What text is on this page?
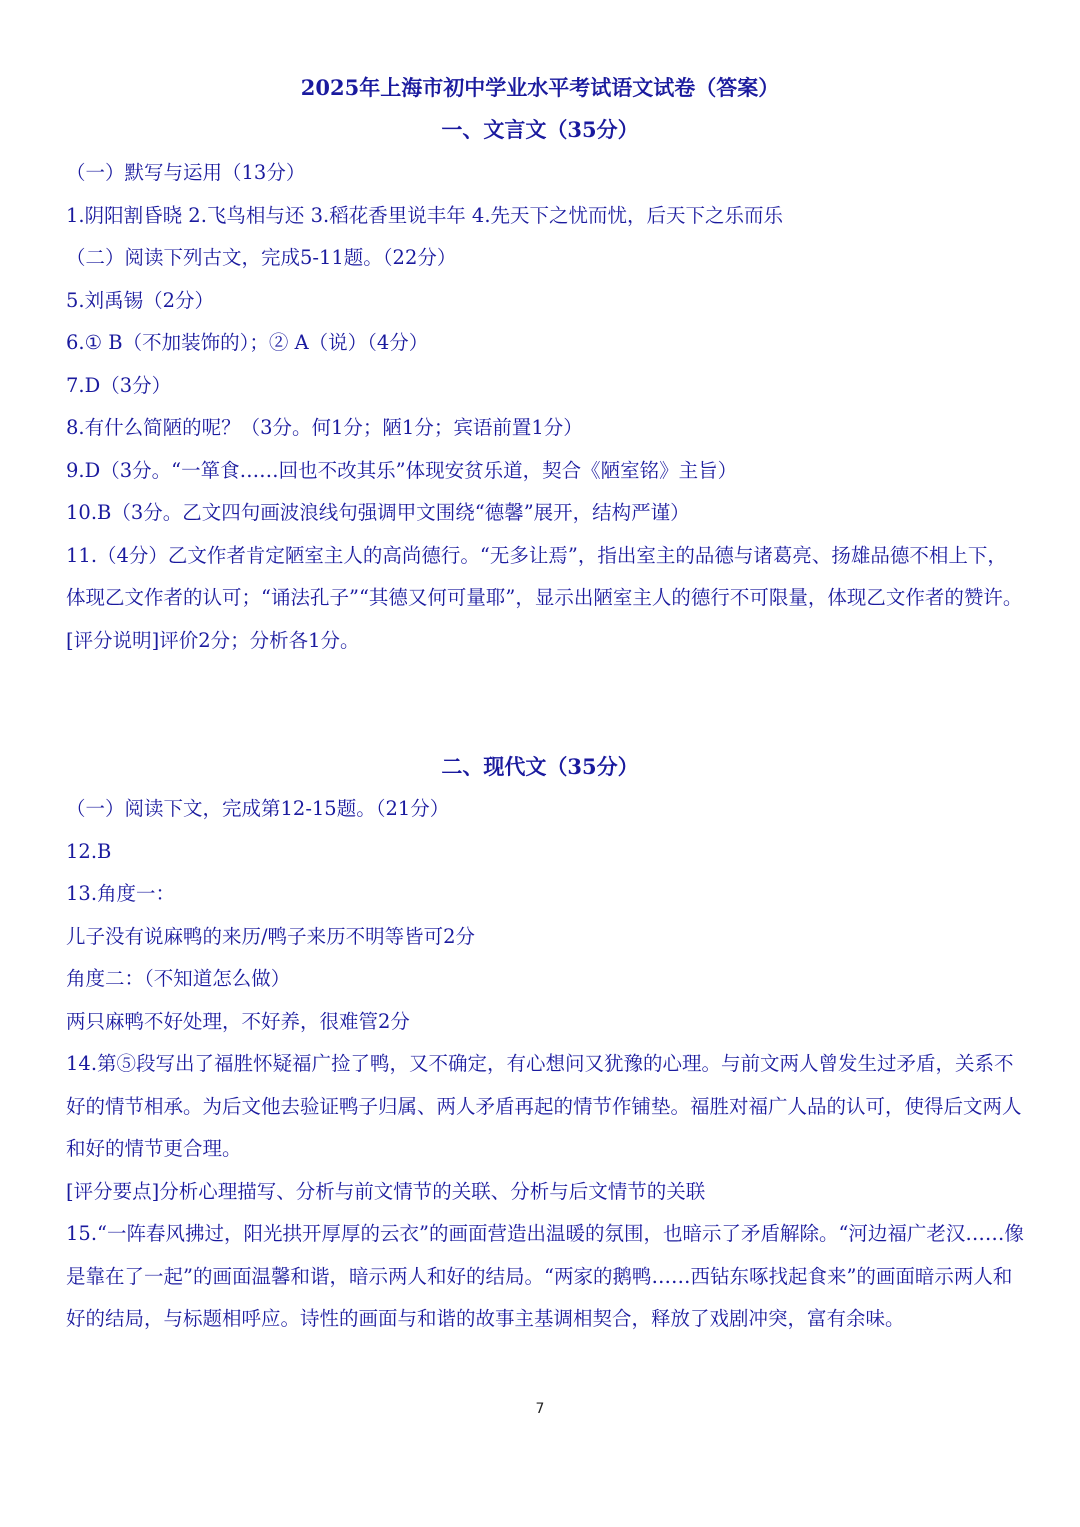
2025年上海市初中学业水平考试语文试卷（答案）
一、文言文（35分）

（一）默写与运用（13分）

1.阴阳割昏晓 2.飞鸟相与还 3.稻花香里说丰年 4.先天下之忧而忧，后天下之乐而乐

（二）阅读下列古文，完成5-11题。（22分）

5.刘禹锡（2分）

6.① B（不加装饰的）；② A（说）（4分）

7.D（3分）

8.有什么简陋的呢？（3分。何1分；陋1分；宾语前置1分）

9.D（3分。“一箪食……回也不改其乐”体现安贫乐道，契合《陋室铭》主旨）

10.B（3分。乙文四句画波浪线句强调甲文围绕“德馨”展开，结构严谨）

11.（4分）乙文作者肯定陋室主人的高尚德行。“无多让焉”，指出室主的品德与诸葛亮、扬雄品德不相上下，体现乙文作者的认可；“诵法孔子”“其德又何可量耶”，显示出陋室主人的德行不可限量，体现乙文作者的赞许。

[评分说明]评价2分；分析各1分。

二、现代文（35分）

（一）阅读下文，完成第12-15题。（21分）

12.B

13.角度一：

儿子没有说麻鸭的来历/鸭子来历不明等皆可2分

角度二：（不知道怎么做）

两只麻鸭不好处理，不好养，很难管2分

14.第⑤段写出了福胜怀疑福广捡了鸭，又不确定，有心想问又犹豫的心理。与前文两人曾发生过矛盾，关系不好的情节相承。为后文他去验证鸭子归属、两人矛盾再起的情节作铺垫。福胜对福广人品的认可，使得后文两人和好的情节更合理。

[评分要点]分析心理描写、分析与前文情节的关联、分析与后文情节的关联

15.“一阵春风拂过，阳光拱开厚厚的云衣”的画面营造出温暖的氛围，也暗示了矛盾解除。“河边福广老汉……像是靠在了一起”的画面温馨和谐，暗示两人和好的结局。“两家的鹅鸭……西钻东啄找起食来”的画面暗示两人和好的结局，与标题相呼应。诗性的画面与和谐的故事主基调相契合，释放了戏剧冲突，富有余味。

7
